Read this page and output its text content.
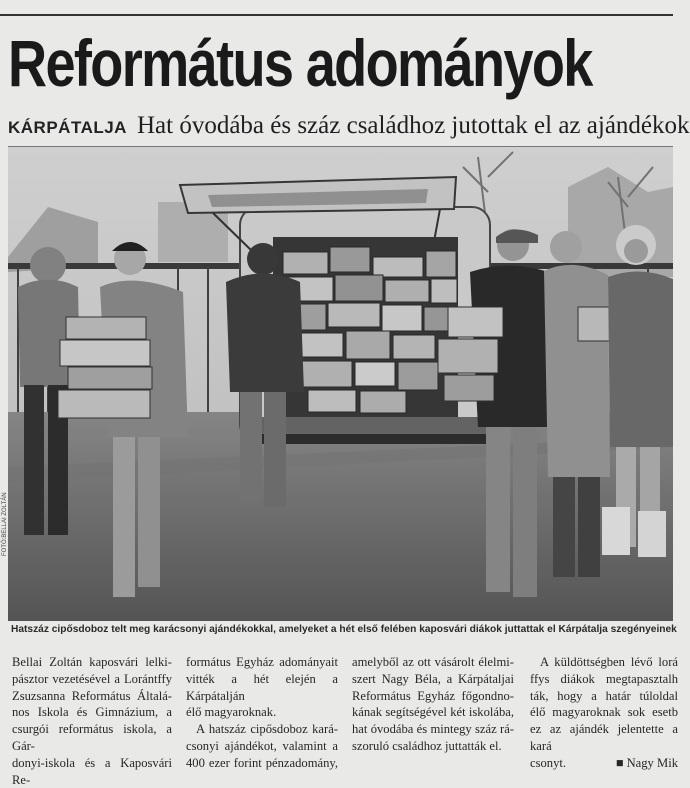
Református adományok
KÁRPÁTALJA Hat óvodába és száz családhoz jutottak el az ajándékok
FOTÓ:BELLAI ZOLTÁN
Hatszáz cipősdoboz telt meg karácsonyi ajándékokkal, amelyeket a hét első felében kaposvári diákok juttattak el Kárpátalja szegényeinek

Bellai Zoltán kaposvári lelki-

pásztor vezetésével a Lorántffy

Zsuzsanna Református Általá-

nos Iskola és Gimnázium, a

csurgói református iskola, a Gár-

donyi-iskola és a Kaposvári Re-

formátus Egyház adományait

vitték a hét elején a Kárpátalján

élő magyaroknak.

A hatszáz cipősdoboz kará-

csonyi ajándékot, valamint a

400 ezer forint pénzadomány,

amelyből az ott vásárolt élelmi-

szert Nagy Béla, a Kárpátaljai

Református Egyház főgondno-

kának segítségével két iskolába,

hat óvodába és mintegy száz rá-

szoruló családhoz juttatták el.

A küldöttségben lévő lorá

ffys diákok megtapasztalh

ták, hogy a határ túloldal

élő magyaroknak sok esetb

ez az ajándék jelentette a kará

csonyt.	■ Nagy Mik
